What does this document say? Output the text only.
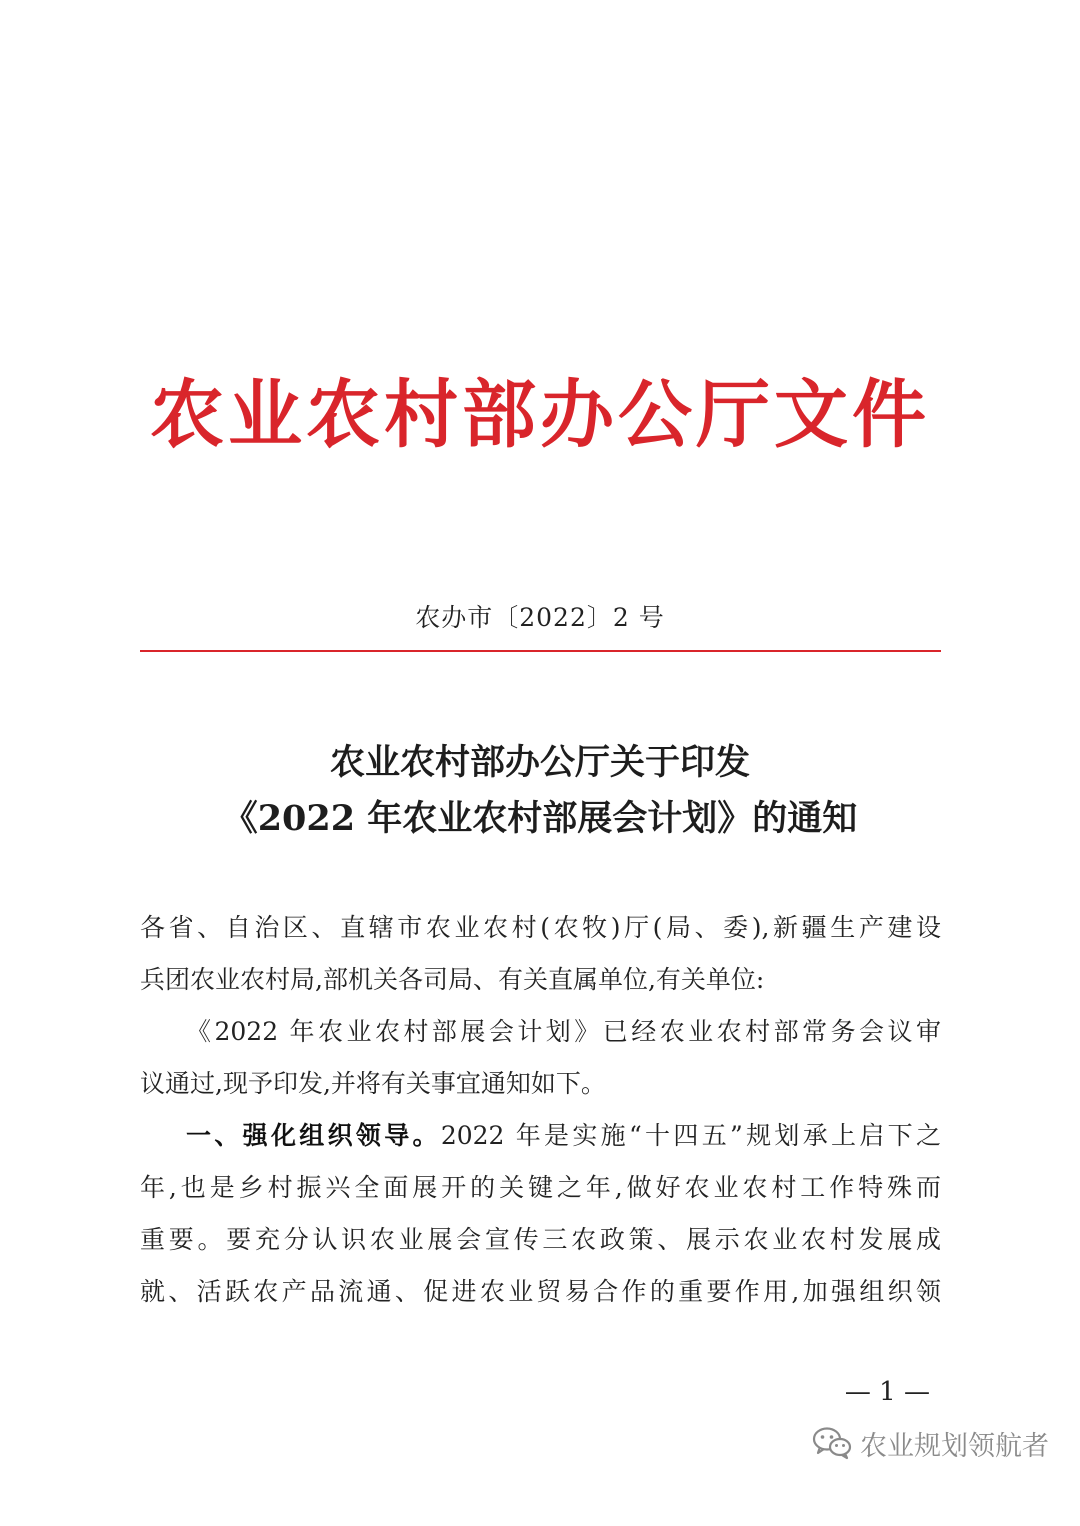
农业农村部办公厅文件
农办市〔2022〕2 号
农业农村部办公厅关于印发
《2022 年农业农村部展会计划》的通知
各省、自治区、直辖市农业农村(农牧)厅(局、委),新疆生产建设
兵团农业农村局,部机关各司局、有关直属单位,有关单位:
《2022 年农业农村部展会计划》已经农业农村部常务会议审
议通过,现予印发,并将有关事宜通知如下。
一、强化组织领导。2022 年是实施“十四五”规划承上启下之
年,也是乡村振兴全面展开的关键之年,做好农业农村工作特殊而
重要。要充分认识农业展会宣传三农政策、展示农业农村发展成
就、活跃农产品流通、促进农业贸易合作的重要作用,加强组织领
— 1 —
农业规划领航者
